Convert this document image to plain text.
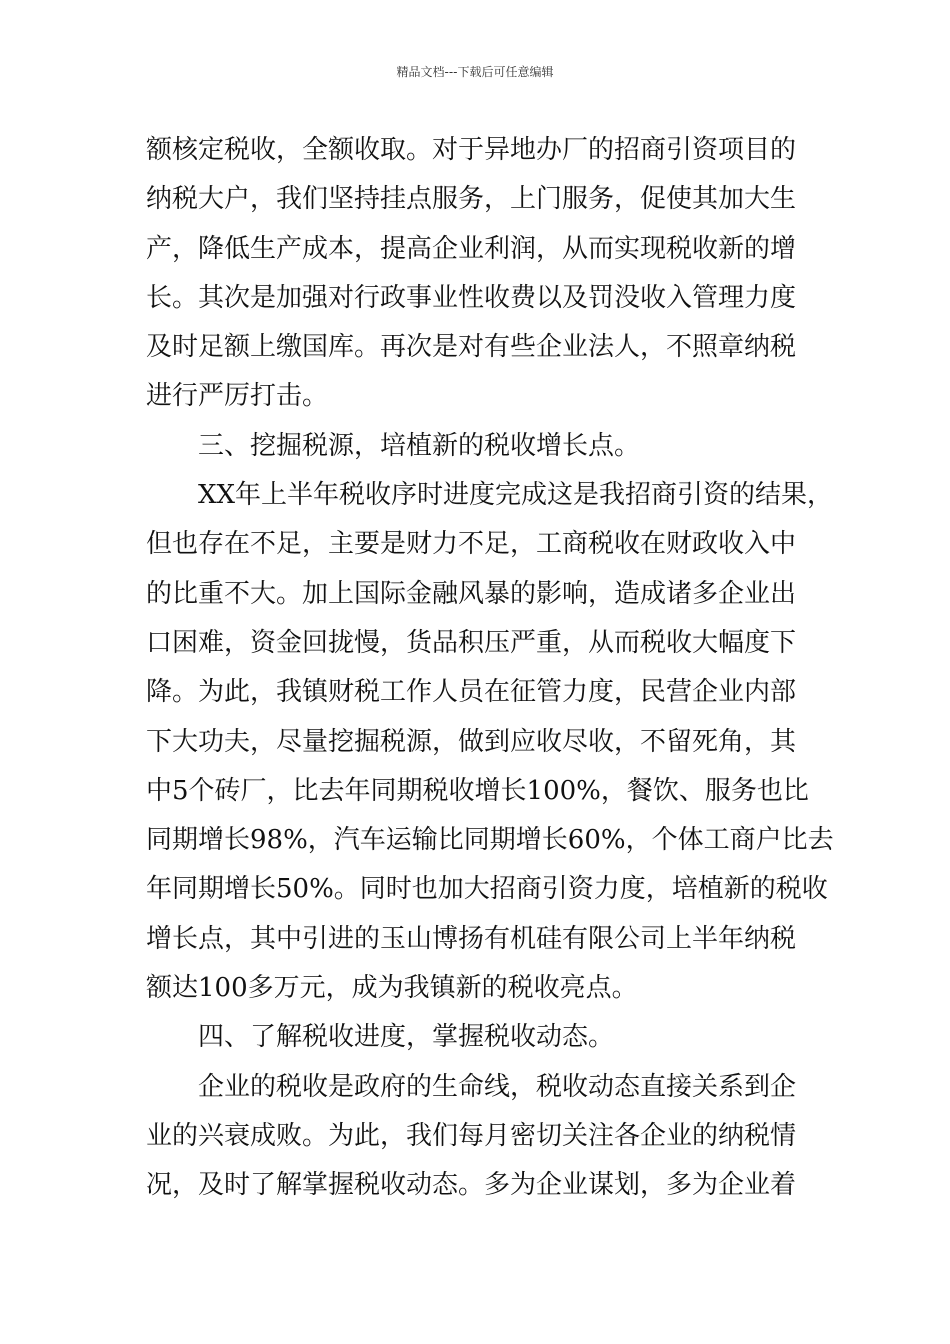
精品文档---下载后可任意编辑
额核定税收，全额收取。对于异地办厂的招商引资项目的
纳税大户，我们坚持挂点服务，上门服务，促使其加大生
产，降低生产成本，提高企业利润，从而实现税收新的增
长。其次是加强对行政事业性收费以及罚没收入管理力度
及时足额上缴国库。再次是对有些企业法人，不照章纳税
进行严厉打击。
　　三、挖掘税源，培植新的税收增长点。
　　XX年上半年税收序时进度完成这是我招商引资的结果，
但也存在不足，主要是财力不足，工商税收在财政收入中
的比重不大。加上国际金融风暴的影响，造成诸多企业出
口困难，资金回拢慢，货品积压严重，从而税收大幅度下
降。为此，我镇财税工作人员在征管力度，民营企业内部
下大功夫，尽量挖掘税源，做到应收尽收，不留死角，其
中5个砖厂，比去年同期税收增长100%，餐饮、服务也比
同期增长98%，汽车运输比同期增长60%，个体工商户比去
年同期增长50%。同时也加大招商引资力度，培植新的税收
增长点，其中引进的玉山博扬有机硅有限公司上半年纳税
额达100多万元，成为我镇新的税收亮点。
　　四、了解税收进度，掌握税收动态。
　　企业的税收是政府的生命线，税收动态直接关系到企
业的兴衰成败。为此，我们每月密切关注各企业的纳税情
况，及时了解掌握税收动态。多为企业谋划，多为企业着
